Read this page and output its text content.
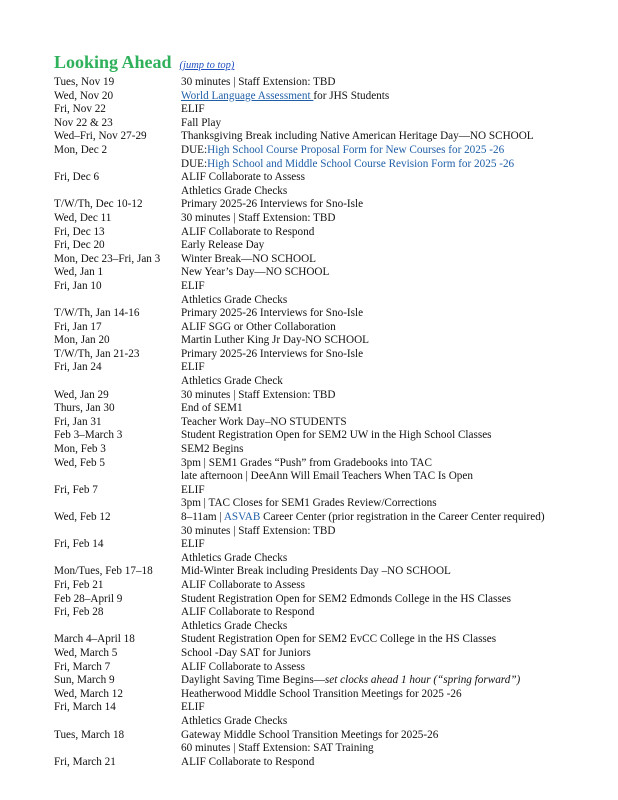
Looking Ahead (jump to top)
Tues, Nov 19	30 minutes | Staff Extension: TBD
Wed, Nov 20	World Language Assessment for JHS Students
Fri, Nov 22	ELIF
Nov 22 & 23	Fall Play
Wed–Fri, Nov 27-29	Thanksgiving Break including Native American Heritage Day—NO SCHOOL
Mon, Dec 2	DUE:High School Course Proposal Form for New Courses for 2025 -26
DUE:High School and Middle School Course Revision Form for 2025 -26
Fri, Dec 6	ALIF Collaborate to Assess
Athletics Grade Checks
T/W/Th, Dec 10-12	Primary 2025-26 Interviews for Sno-Isle
Wed, Dec 11	30 minutes | Staff Extension: TBD
Fri, Dec 13	ALIF Collaborate to Respond
Fri, Dec 20	Early Release Day
Mon, Dec 23–Fri, Jan 3	Winter Break—NO SCHOOL
Wed, Jan 1	New Year’s Day—NO SCHOOL
Fri, Jan 10	ELIF
Athletics Grade Checks
T/W/Th, Jan 14-16	Primary 2025-26 Interviews for Sno-Isle
Fri, Jan 17	ALIF SGG or Other Collaboration
Mon, Jan 20	Martin Luther King Jr Day-NO SCHOOL
T/W/Th, Jan 21-23	Primary 2025-26 Interviews for Sno-Isle
Fri, Jan 24	ELIF
Athletics Grade Check
Wed, Jan 29	30 minutes | Staff Extension: TBD
Thurs, Jan 30	End of SEM1
Fri, Jan 31	Teacher Work Day–NO STUDENTS
Feb 3–March 3	Student Registration Open for SEM2 UW in the High School Classes
Mon, Feb 3	SEM2 Begins
Wed, Feb 5	3pm | SEM1 Grades “Push” from Gradebooks into TAC
late afternoon | DeeAnn Will Email Teachers When TAC Is Open
Fri, Feb 7	ELIF
3pm | TAC Closes for SEM1 Grades Review/Corrections
Wed, Feb 12	8–11am | ASVAB Career Center (prior registration in the Career Center required)
30 minutes | Staff Extension: TBD
Fri, Feb 14	ELIF
Athletics Grade Checks
Mon/Tues, Feb 17–18	Mid-Winter Break including Presidents Day –NO SCHOOL
Fri, Feb 21	ALIF Collaborate to Assess
Feb 28–April 9	Student Registration Open for SEM2 Edmonds College in the HS Classes
Fri, Feb 28	ALIF Collaborate to Respond
Athletics Grade Checks
March 4–April 18	Student Registration Open for SEM2 EvCC College in the HS Classes
Wed, March 5	School -Day SAT for Juniors
Fri, March 7	ALIF Collaborate to Assess
Sun, March 9	Daylight Saving Time Begins—set clocks ahead 1 hour (“spring forward”)
Wed, March 12	Heatherwood Middle School Transition Meetings for 2025 -26
Fri, March 14	ELIF
Athletics Grade Checks
Tues, March 18	Gateway Middle School Transition Meetings for 2025-26
60 minutes | Staff Extension: SAT Training
Fri, March 21	ALIF Collaborate to Respond
